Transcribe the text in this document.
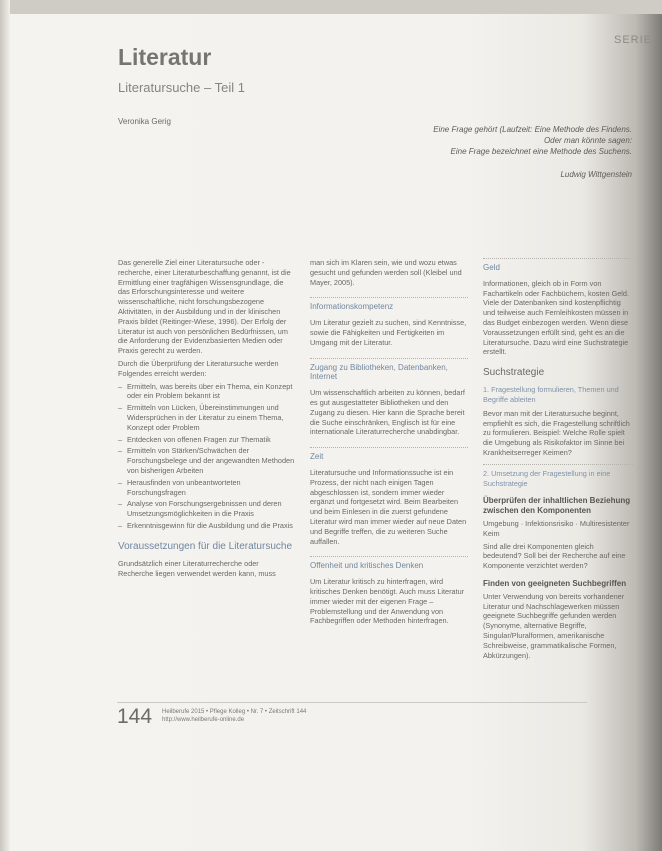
SERIE
Literatur
Literatursuche – Teil 1
Veronika Gerig
Eine Frage gehört (Laufzeit: Eine Methode des Findens.
Oder man könnte sagen:
Eine Frage bezeichnet eine Methode des Suchens.
Ludwig Wittgenstein

Das generelle Ziel einer Literatursuche oder -recherche, einer Literaturbeschaffung genannt, ist die Ermittlung einer tragfähigen Wissensgrundlage, die das Erforschungsinteresse und weitere wissenschaftliche, nicht forschungsbezogene Aktivitäten, in der Ausbildung und in der klinischen Praxis bildet (Reitinger-Wiese, 1996). Der Erfolg der Literatur ist auch von persönlichen Bedürfnissen, um die Anforderung der Evidenzbasierten Medien oder Praxis gerecht zu werden.

Durch die Überprüfung der Literatursuche werden Folgendes erreicht werden:

– Ermitteln, was bereits über ein Thema, ein Konzept oder ein Problem bekannt ist
– Ermitteln von Lücken, Übereinstimmungen und Widersprüchen in der Literatur zu einem Thema, Konzept oder Problem
– Entdecken von offenen Fragen zur Thematik
– Ermitteln von Stärken/Schwächen der Forschungsbelege und der angewandten Methoden von bisherigen Arbeiten
– Herausfinden von unbeantworteten Forschungsfragen
– Analyse von Forschungsergebnissen und deren Umsetzungsmöglichkeiten in die Praxis
– Erkenntnisgewinn für die Ausbildung und die Praxis
Voraussetzungen für die Literatursuche

Grundsätzlich einer Literaturrecherche oder Recherche liegen verwendet werden kann, muss

man sich im Klaren sein, wie und wozu etwas gesucht und gefunden werden soll (Kleibel und Mayer, 2005).

Informationskompetenz

Um Literatur gezielt zu suchen, sind Kenntnisse, sowie die Fähigkeiten und Fertigkeiten im Umgang mit der Literatur.

Zugang zu Bibliotheken, Datenbanken, Internet

Um wissenschaftlich arbeiten zu können, bedarf es gut ausgestatteter Bibliotheken und den Zugang zu diesen. Hier kann die Sprache bereit die Suche einschränken, Englisch ist für eine internationale Literaturrecherche unabdingbar.

Zeit

Literatursuche und Informationssuche ist ein Prozess, der nicht nach einigen Tagen abgeschlossen ist, sondern immer wieder ergänzt und fortgesetzt wird. Beim Bearbeiten und beim Einlesen in die zuerst gefundene Literatur wird man immer wieder auf neue Daten und Begriffe treffen, die zu weiteren Suche auffallen.

Offenheit und kritisches Denken

Um Literatur kritisch zu hinterfragen, wird kritisches Denken benötigt. Auch muss Literatur immer wieder mit der eigenen Frage – Problemstellung und der Anwendung von Fachbegriffen oder Methoden hinterfragen.

Geld

Informationen, gleich ob in Form von Fachartikeln oder Fachbüchern, kosten Geld. Viele der Datenbanken sind kostenpflichtig und teilweise auch Fernleihkosten müssen in das Budget einbezogen werden. Wenn diese Voraussetzungen erfüllt sind, geht es an die Literatursuche. Dazu wird eine Suchstrategie erstellt.

Suchstrategie
1. Fragestellung formulieren, Themen und Begriffe ableiten

Bevor man mit der Literatursuche beginnt, empfiehlt es sich, die Fragestellung schriftlich zu formulieren. Beispiel: Welche Rolle spielt die Umgebung als Risikofaktor im Sinne bei Krankheitserreger Keimen?

2. Umsetzung der Fragestellung in eine Suchstrategie
Überprüfen der inhaltlichen Beziehung zwischen den Komponenten

Umgebung · Infektionsrisiko · Multiresistenter Keim

Sind alle drei Komponenten gleich bedeutend? Soll bei der Recherche auf eine Komponente verzichtet werden?

Finden von geeigneten Suchbegriffen

Unter Verwendung von bereits vorhandener Literatur und Nachschlagewerken müssen geeignete Suchbegriffe gefunden werden (Synonyme, alternative Begriffe, Singular/Pluralformen, amerikanische Schreibweise, grammatikalische Formen, Abkürzungen).

144 Heilberufe 2015 • Pflege Kolleg • Nr. 7 • Zeitschrift 144
http://www.heilberufe-online.de
